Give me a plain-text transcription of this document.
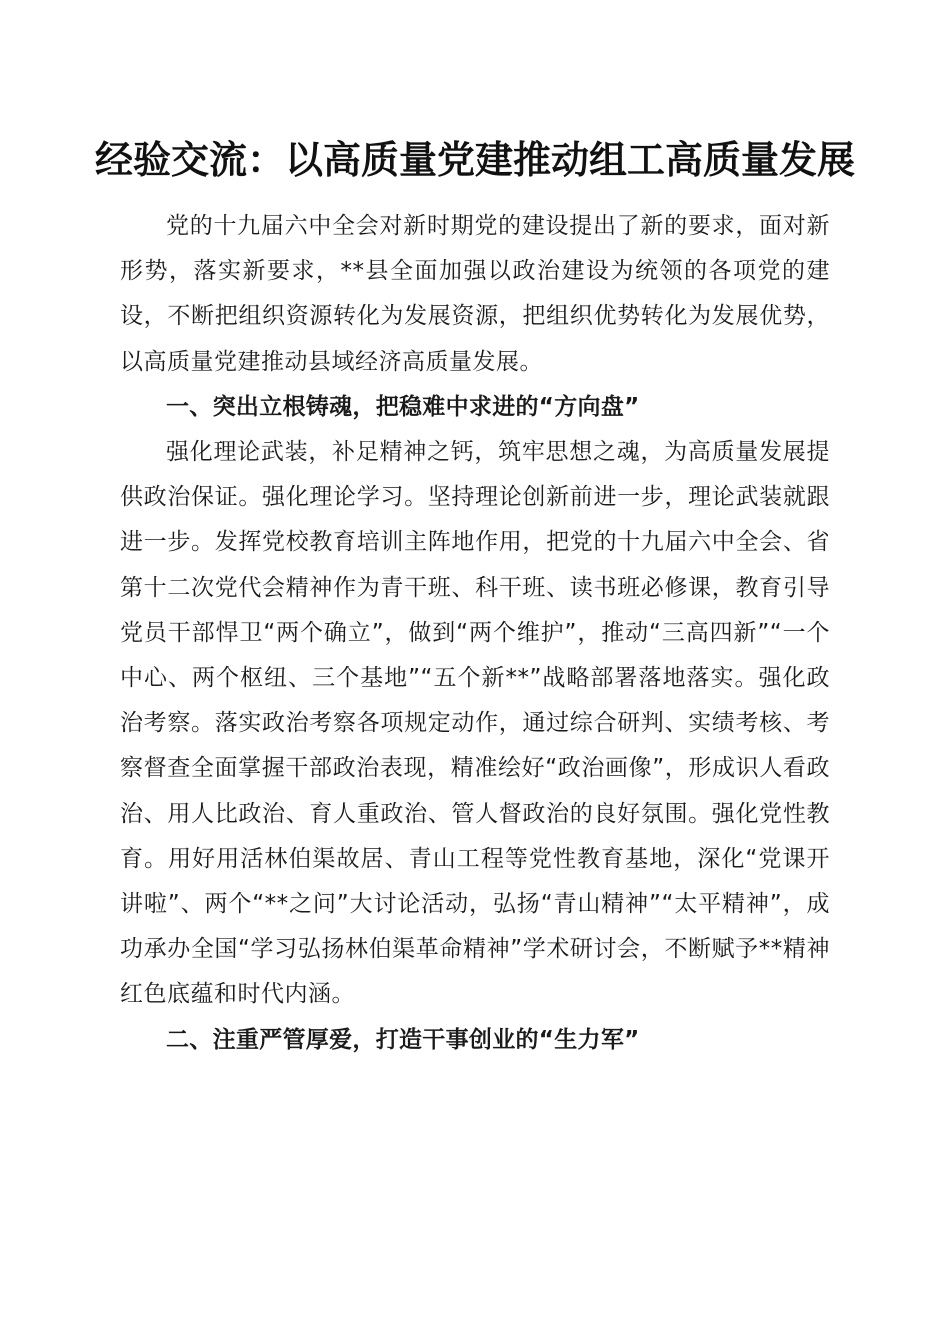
经验交流：以高质量党建推动组工高质量发展

党的十九届六中全会对新时期党的建设提出了新的要求，面对新形势，落实新要求，**县全面加强以政治建设为统领的各项党的建设，不断把组织资源转化为发展资源，把组织优势转化为发展优势，以高质量党建推动县域经济高质量发展。

一、突出立根铸魂，把稳难中求进的“方向盘”

强化理论武装，补足精神之钙，筑牢思想之魂，为高质量发展提供政治保证。强化理论学习。坚持理论创新前进一步，理论武装就跟进一步。发挥党校教育培训主阵地作用，把党的十九届六中全会、省第十二次党代会精神作为青干班、科干班、读书班必修课，教育引导党员干部悍卫“两个确立”，做到“两个维护”，推动“三高四新”“一个中心、两个枢纽、三个基地”“五个新**”战略部署落地落实。强化政治考察。落实政治考察各项规定动作，通过综合研判、实绩考核、考察督查全面掌握干部政治表现，精准绘好“政治画像”，形成识人看政治、用人比政治、育人重政治、管人督政治的良好氛围。强化党性教育。用好用活林伯渠故居、青山工程等党性教育基地，深化“党课开讲啦”、两个“**之问”大讨论活动，弘扬“青山精神”“太平精神”，成功承办全国“学习弘扬林伯渠革命精神”学术研讨会，不断赋予**精神红色底蕴和时代内涵。

二、注重严管厚爱，打造干事创业的“生力军”
